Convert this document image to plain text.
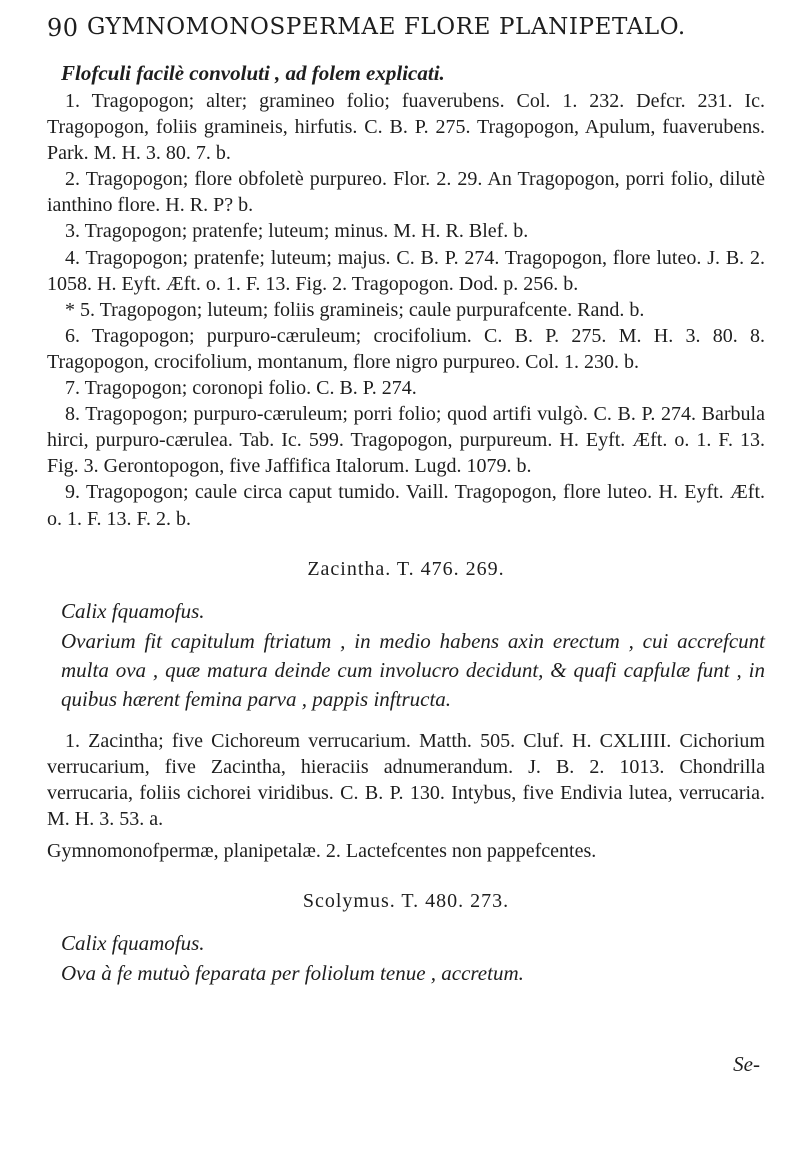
90 GYMNOMONOSPERMAE FLORE PLANIPETALO.

Flofculi facilè convoluti , ad folem explicati.

1. Tragopogon; alter; gramineo folio; fuaverubens. Col. 1. 232. Defcr. 231. Ic. Tragopogon, foliis gramineis, hirfutis. C. B. P. 275. Tragopogon, Apulum, fuaverubens. Park. M. H. 3. 80. 7. b.

2. Tragopogon; flore obfoletè purpureo. Flor. 2. 29. An Tragopogon, porri folio, dilutè ianthino flore. H. R. P? b.

3. Tragopogon; pratenfe; luteum; minus. M. H. R. Blef. b.

4. Tragopogon; pratenfe; luteum; majus. C. B. P. 274. Tragopogon, flore luteo. J. B. 2. 1058. H. Eyft. Æft. o. 1. F. 13. Fig. 2. Tragopogon. Dod. p. 256. b.

* 5. Tragopogon; luteum; foliis gramineis; caule purpurafcente. Rand. b.

6. Tragopogon; purpuro-cæruleum; crocifolium. C. B. P. 275. M. H. 3. 80. 8. Tragopogon, crocifolium, montanum, flore nigro purpureo. Col. 1. 230. b.

7. Tragopogon; coronopi folio. C. B. P. 274.

8. Tragopogon; purpuro-cæruleum; porri folio; quod artifi vulgò. C. B. P. 274. Barbula hirci, purpuro-cærulea. Tab. Ic. 599. Tragopogon, purpureum. H. Eyft. Æft. o. 1. F. 13. Fig. 3. Gerontopogon, five Jaffifica Italorum. Lugd. 1079. b.

9. Tragopogon; caule circa caput tumido. Vaill. Tragopogon, flore luteo. H. Eyft. Æft. o. 1. F. 13. F. 2. b.

Zacintha. T. 476. 269.

Calix fquamofus.

Ovarium fit capitulum ftriatum , in medio habens axin erectum , cui accrefcunt multa ova , quæ matura deinde cum involucro decidunt, & quafi capfulæ funt , in quibus hærent femina parva , pappis inftructa.

1. Zacintha; five Cichoreum verrucarium. Matth. 505. Cluf. H. CXLIIII. Cichorium verrucarium, five Zacintha, hieraciis adnumerandum. J. B. 2. 1013. Chondrilla verrucaria, foliis cichorei viridibus. C. B. P. 130. Intybus, five Endivia lutea, verrucaria. M. H. 3. 53. a.

Gymnomonofpermæ, planipetalæ. 2. Lactefcentes non pappefcentes.

Scolymus. T. 480. 273.

Calix fquamofus.

Ova à fe mutuò feparata per foliolum tenue , accretum.

Se-
